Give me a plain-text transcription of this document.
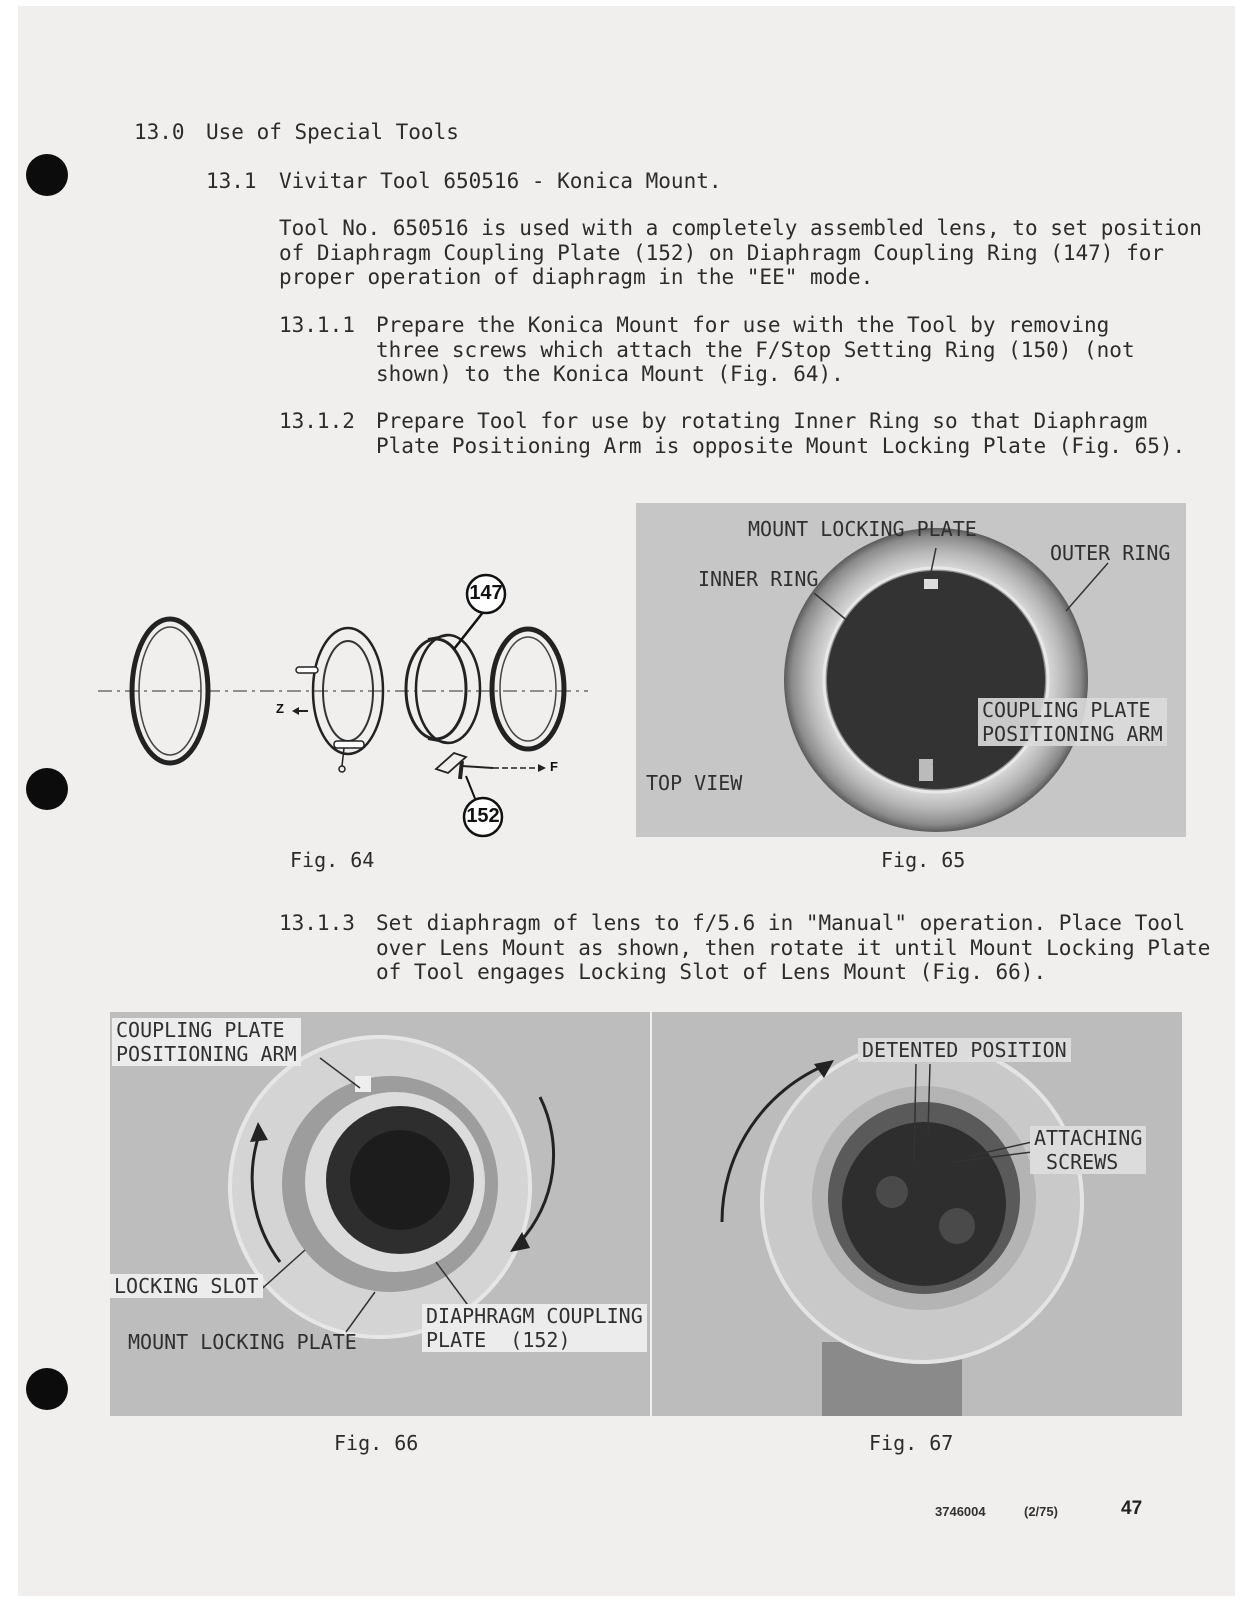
13.0 Use of Special Tools
13.1 Vivitar Tool 650516 - Konica Mount.
Tool No. 650516 is used with a completely assembled lens, to set position
of Diaphragm Coupling Plate (152) on Diaphragm Coupling Ring (147) for
proper operation of diaphragm in the "EE" mode.
13.1.1 Prepare the Konica Mount for use with the Tool by removing
three screws which attach the F/Stop Setting Ring (150) (not
shown) to the Konica Mount (Fig. 64).
13.1.2 Prepare Tool for use by rotating Inner Ring so that Diaphragm
Plate Positioning Arm is opposite Mount Locking Plate (Fig. 65).
147
152
Z
F
Fig. 64
MOUNT LOCKING PLATE
OUTER RING
INNER RING
COUPLING PLATE
POSITIONING ARM
TOP VIEW
Fig. 65
13.1.3 Set diaphragm of lens to f/5.6 in "Manual" operation. Place Tool
over Lens Mount as shown, then rotate it until Mount Locking Plate
of Tool engages Locking Slot of Lens Mount (Fig. 66).
COUPLING PLATE
POSITIONING ARM
LOCKING SLOT
MOUNT LOCKING PLATE
DIAPHRAGM COUPLING
PLATE  (152)
Fig. 66
DETENTED POSITION
ATTACHING
SCREWS
Fig. 67
3746004	(2/75)	47
